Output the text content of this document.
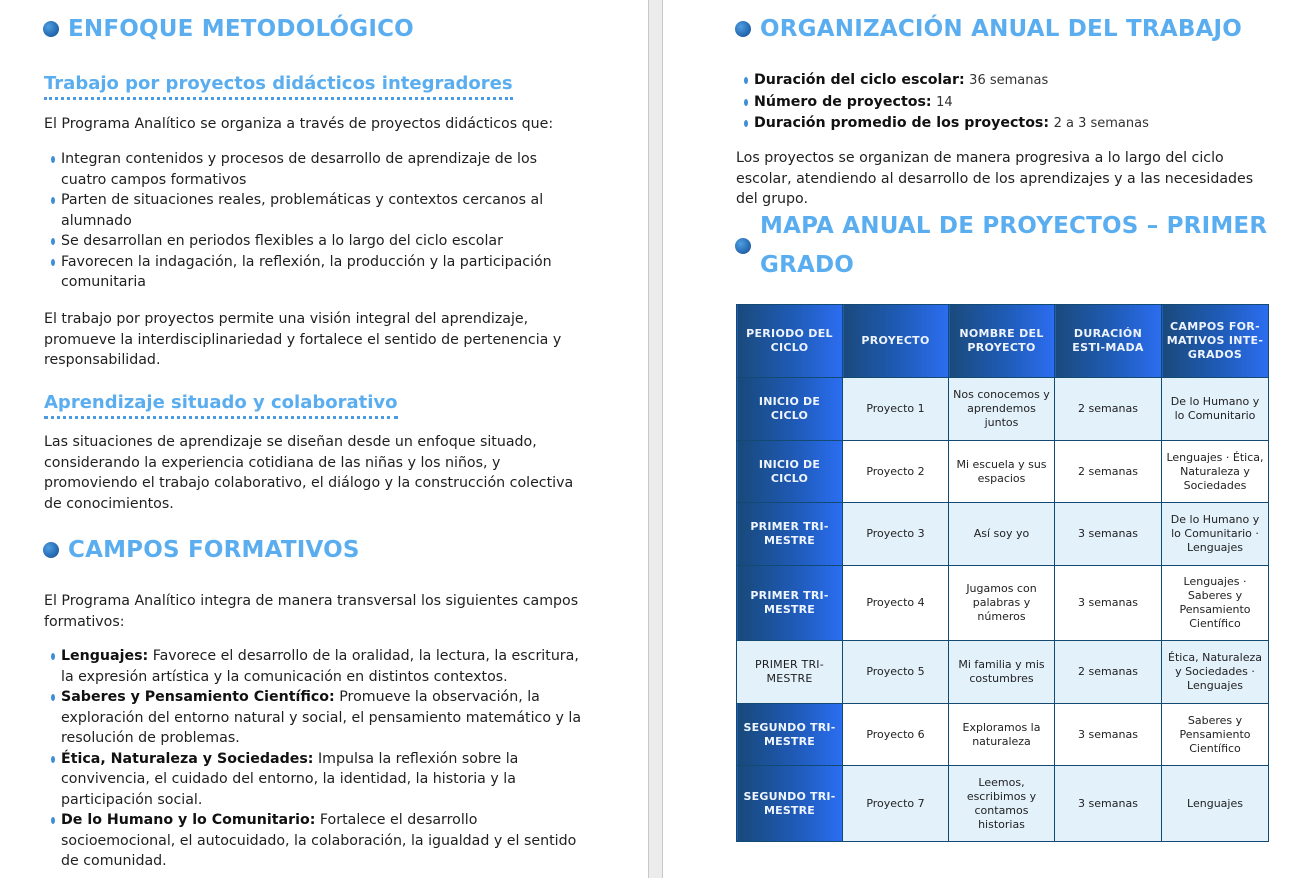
ENFOQUE METODOLÓGICO
Trabajo por proyectos didácticos integradores
El Programa Analítico se organiza a través de proyectos didácticos que:
Integran contenidos y procesos de desarrollo de aprendizaje de los cuatro campos formativos
Parten de situaciones reales, problemáticas y contextos cercanos al alumnado
Se desarrollan en periodos flexibles a lo largo del ciclo escolar
Favorecen la indagación, la reflexión, la producción y la participación comunitaria
El trabajo por proyectos permite una visión integral del aprendizaje, promueve la interdisciplinariedad y fortalece el sentido de pertenencia y responsabilidad.
Aprendizaje situado y colaborativo
Las situaciones de aprendizaje se diseñan desde un enfoque situado, considerando la experiencia cotidiana de las niñas y los niños, y promoviendo el trabajo colaborativo, el diálogo y la construcción colectiva de conocimientos.
CAMPOS FORMATIVOS
El Programa Analítico integra de manera transversal los siguientes campos formativos:
Lenguajes: Favorece el desarrollo de la oralidad, la lectura, la escritura, la expresión artística y la comunicación en distintos contextos.
Saberes y Pensamiento Científico: Promueve la observación, la exploración del entorno natural y social, el pensamiento matemático y la resolución de problemas.
Ética, Naturaleza y Sociedades: Impulsa la reflexión sobre la convivencia, el cuidado del entorno, la identidad, la historia y la participación social.
De lo Humano y lo Comunitario: Fortalece el desarrollo socioemocional, el autocuidado, la colaboración, la igualdad y el sentido de comunidad.
ORGANIZACIÓN ANUAL DEL TRABAJO
Duración del ciclo escolar: 36 semanas
Número de proyectos: 14
Duración promedio de los proyectos: 2 a 3 semanas
Los proyectos se organizan de manera progresiva a lo largo del ciclo escolar, atendiendo al desarrollo de los aprendizajes y a las necesidades del grupo.
MAPA ANUAL DE PROYECTOS – PRIMER
GRADO
PERIODO DEL CICLO	PROYECTO	NOMBRE DEL PROYECTO	DURACIÓN ESTI-MADA	CAMPOS FOR-MATIVOS INTE-GRADOS
INICIO DE CICLO	Proyecto 1	Nos conocemos y aprendemos juntos	2 semanas	De lo Humano y lo Comunitario
INICIO DE CICLO	Proyecto 2	Mi escuela y sus espacios	2 semanas	Lenguajes · Ética, Naturaleza y Sociedades
PRIMER TRI-MESTRE	Proyecto 3	Así soy yo	3 semanas	De lo Humano y lo Comunitario · Lenguajes
PRIMER TRI-MESTRE	Proyecto 4	Jugamos con palabras y números	3 semanas	Lenguajes · Saberes y Pensamiento Científico
PRIMER TRI-MESTRE	Proyecto 5	Mi familia y mis costumbres	2 semanas	Ética, Naturaleza y Sociedades · Lenguajes
SEGUNDO TRI-MESTRE	Proyecto 6	Exploramos la naturaleza	3 semanas	Saberes y Pensamiento Científico
SEGUNDO TRI-MESTRE	Proyecto 7	Leemos, escribimos y contamos historias	3 semanas	Lenguajes
